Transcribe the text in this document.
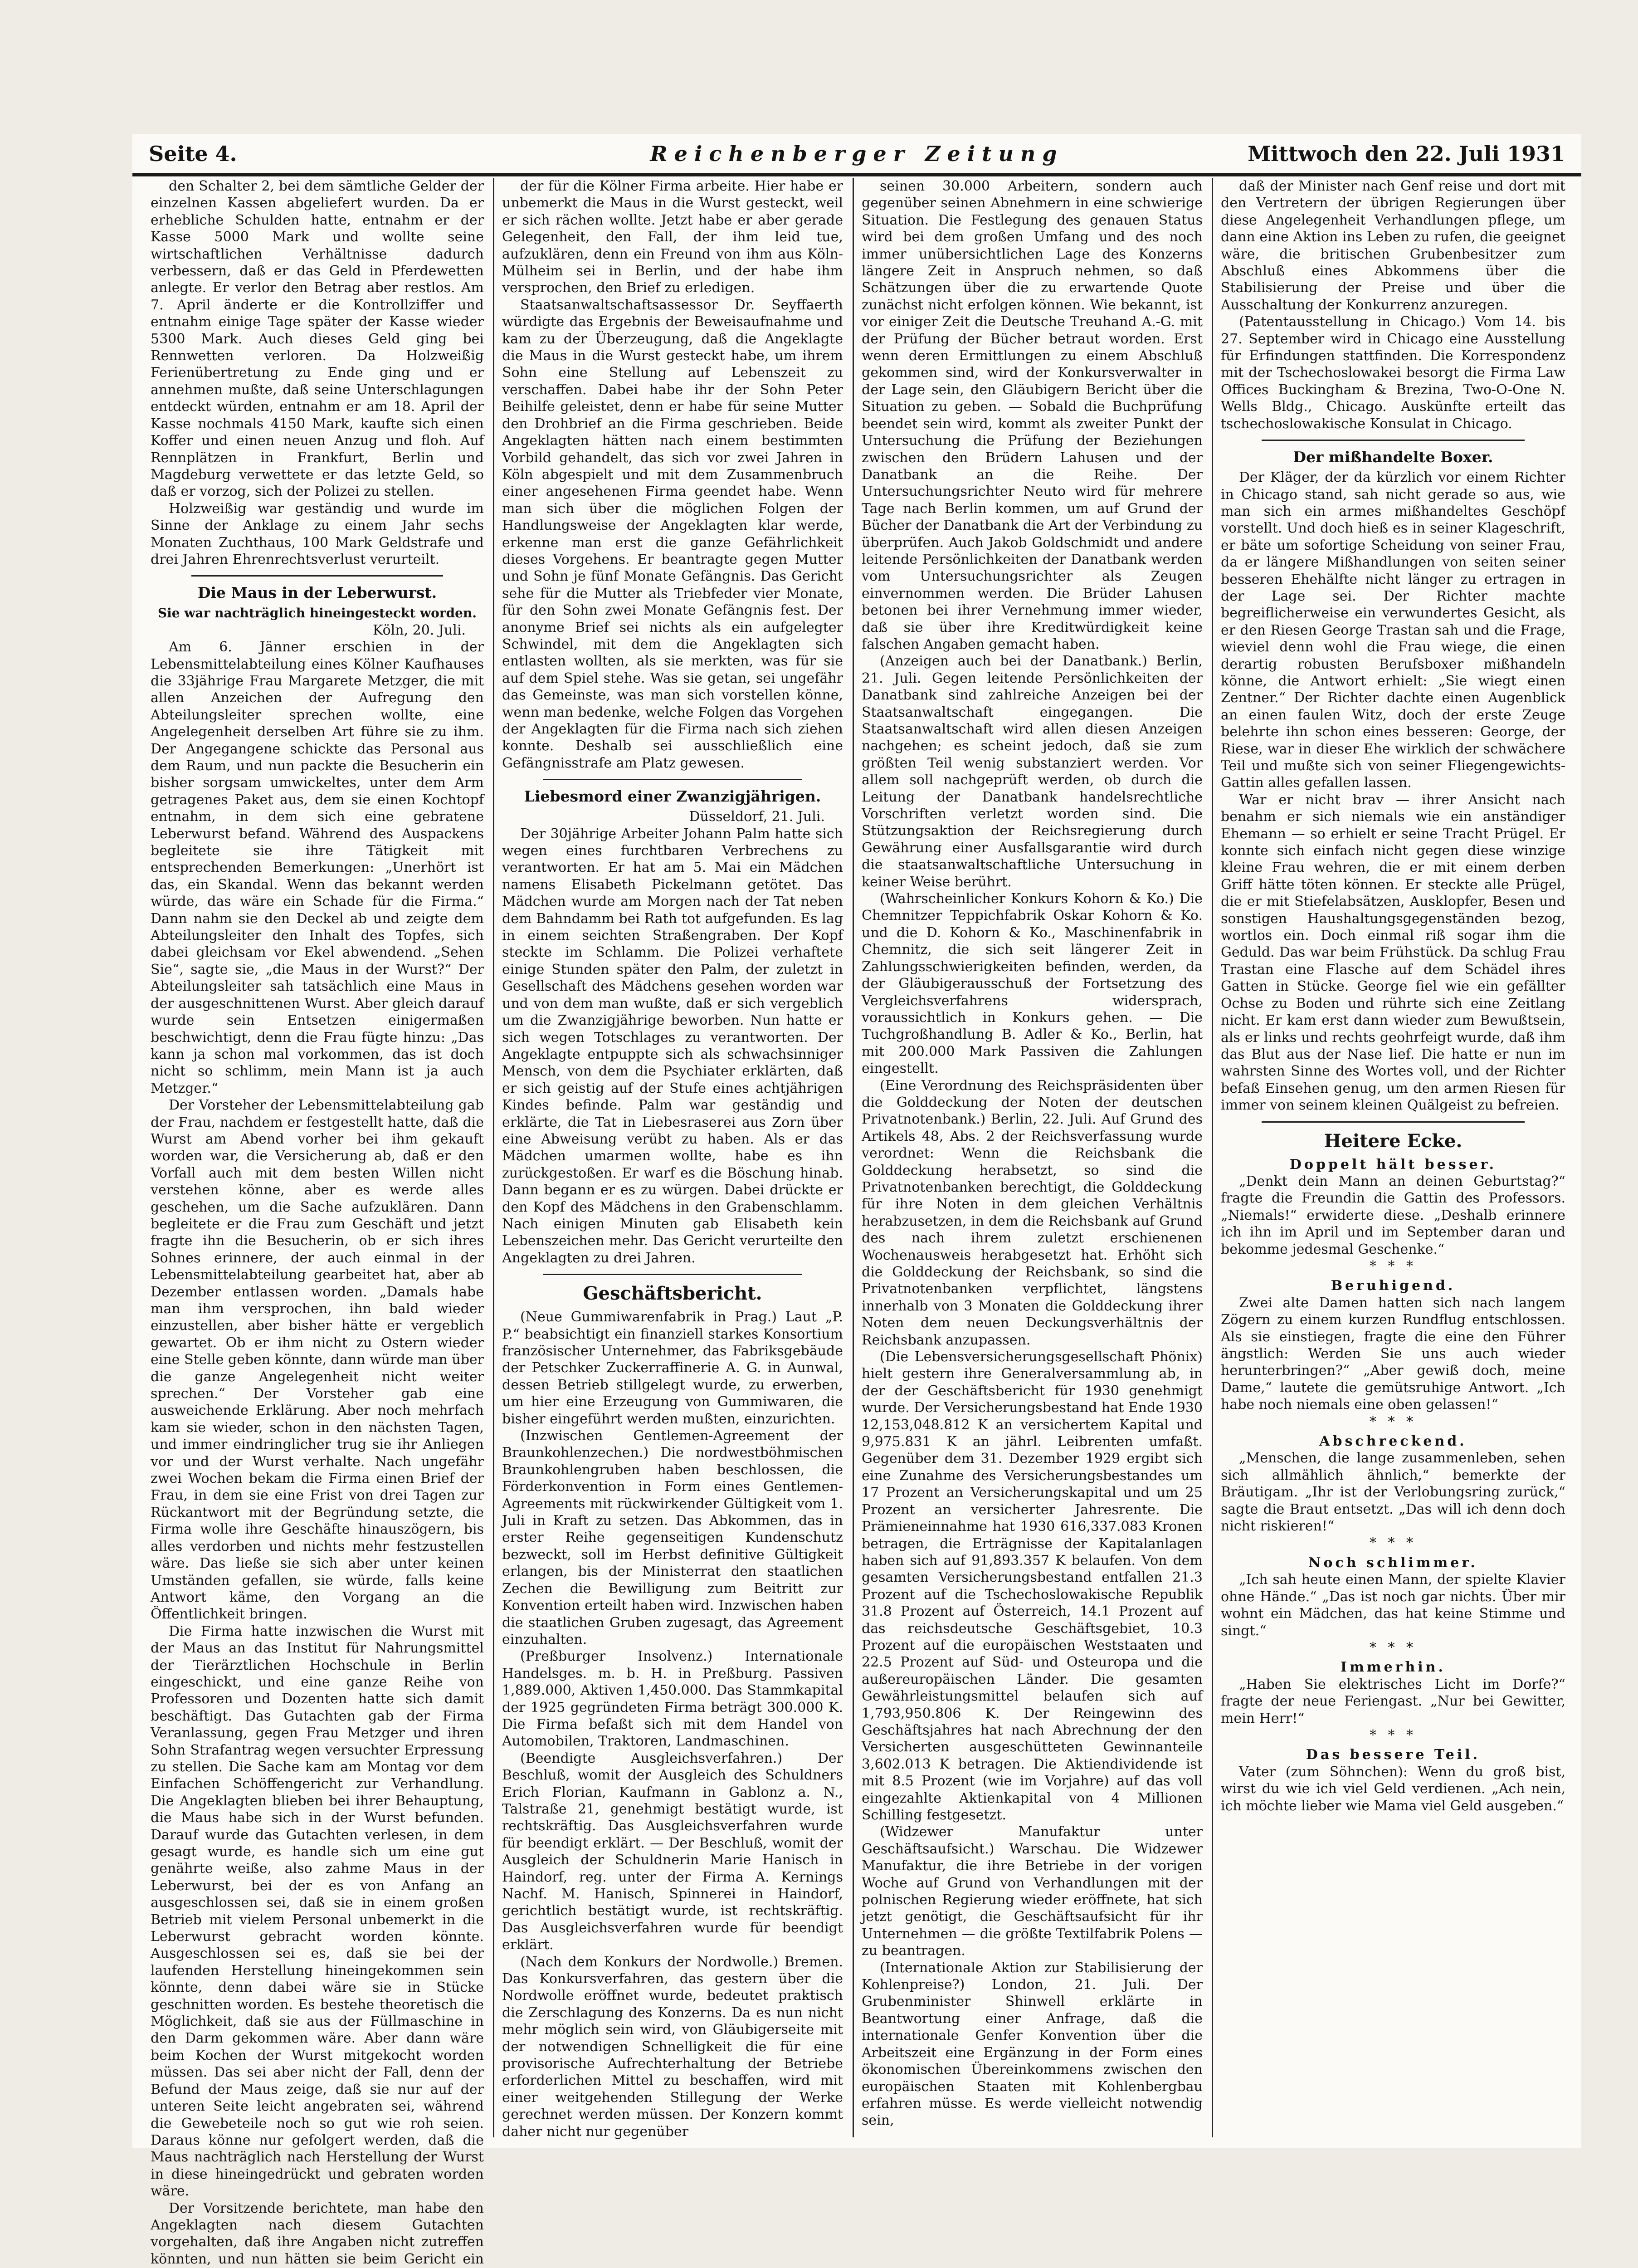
Seite 4.	Reichenberger Zeitung	Mittwoch den 22. Juli 1931

den Schalter 2, bei dem sämtliche Gelder der einzelnen Kassen abgeliefert wurden. Da er erhebliche Schulden hatte, entnahm er der Kasse 5000 Mark und wollte seine wirtschaftlichen Verhältnisse dadurch verbessern, daß er das Geld in Pferdewetten anlegte. Er verlor den Betrag aber restlos. Am 7. April änderte er die Kontrollziffer und entnahm einige Tage später der Kasse wieder 5300 Mark. Auch dieses Geld ging bei Rennwetten verloren. Da Holzweißig Ferienübertretung zu Ende ging und er annehmen mußte, daß seine Unterschlagungen entdeckt würden, entnahm er am 18. April der Kasse nochmals 4150 Mark, kaufte sich einen Koffer und einen neuen Anzug und floh. Auf Rennplätzen in Frankfurt, Berlin und Magdeburg verwettete er das letzte Geld, so daß er vorzog, sich der Polizei zu stellen.

Holzweißig war geständig und wurde im Sinne der Anklage zu einem Jahr sechs Monaten Zuchthaus, 100 Mark Geldstrafe und drei Jahren Ehrenrechtsverlust verurteilt.

Die Maus in der Leberwurst.

Sie war nachträglich hineingesteckt worden.

Köln, 20. Juli.

Am 6. Jänner erschien in der Lebensmittelabteilung eines Kölner Kaufhauses die 33jährige Frau Margarete Metzger, die mit allen Anzeichen der Aufregung den Abteilungsleiter sprechen wollte, eine Angelegenheit derselben Art führe sie zu ihm. Der Angegangene schickte das Personal aus dem Raum, und nun packte die Besucherin ein bisher sorgsam umwickeltes, unter dem Arm getragenes Paket aus, dem sie einen Kochtopf entnahm, in dem sich eine gebratene Leberwurst befand. Während des Auspackens begleitete sie ihre Tätigkeit mit entsprechenden Bemerkungen: „Unerhört ist das, ein Skandal. Wenn das bekannt werden würde, das wäre ein Schade für die Firma.“ Dann nahm sie den Deckel ab und zeigte dem Abteilungsleiter den Inhalt des Topfes, sich dabei gleichsam vor Ekel abwendend. „Sehen Sie“, sagte sie, „die Maus in der Wurst?“ Der Abteilungsleiter sah tatsächlich eine Maus in der ausgeschnittenen Wurst. Aber gleich darauf wurde sein Entsetzen einigermaßen beschwichtigt, denn die Frau fügte hinzu: „Das kann ja schon mal vorkommen, das ist doch nicht so schlimm, mein Mann ist ja auch Metzger.“

Der Vorsteher der Lebensmittelabteilung gab der Frau, nachdem er festgestellt hatte, daß die Wurst am Abend vorher bei ihm gekauft worden war, die Versicherung ab, daß er den Vorfall auch mit dem besten Willen nicht verstehen könne, aber es werde alles geschehen, um die Sache aufzuklären. Dann begleitete er die Frau zum Geschäft und jetzt fragte ihn die Besucherin, ob er sich ihres Sohnes erinnere, der auch einmal in der Lebensmittelabteilung gearbeitet hat, aber ab Dezember entlassen worden. „Damals habe man ihm versprochen, ihn bald wieder einzustellen, aber bisher hätte er vergeblich gewartet. Ob er ihm nicht zu Ostern wieder eine Stelle geben könnte, dann würde man über die ganze Angelegenheit nicht weiter sprechen.“ Der Vorsteher gab eine ausweichende Erklärung. Aber noch mehrfach kam sie wieder, schon in den nächsten Tagen, und immer eindringlicher trug sie ihr Anliegen vor und der Wurst verhalte. Nach ungefähr zwei Wochen bekam die Firma einen Brief der Frau, in dem sie eine Frist von drei Tagen zur Rückantwort mit der Begründung setzte, die Firma wolle ihre Geschäfte hinauszögern, bis alles verdorben und nichts mehr festzustellen wäre. Das ließe sie sich aber unter keinen Umständen gefallen, sie würde, falls keine Antwort käme, den Vorgang an die Öffentlichkeit bringen.

Die Firma hatte inzwischen die Wurst mit der Maus an das Institut für Nahrungsmittel der Tierärztlichen Hochschule in Berlin eingeschickt, und eine ganze Reihe von Professoren und Dozenten hatte sich damit beschäftigt. Das Gutachten gab der Firma Veranlassung, gegen Frau Metzger und ihren Sohn Strafantrag wegen versuchter Erpressung zu stellen. Die Sache kam am Montag vor dem Einfachen Schöffengericht zur Verhandlung. Die Angeklagten blieben bei ihrer Behauptung, die Maus habe sich in der Wurst befunden. Darauf wurde das Gutachten verlesen, in dem gesagt wurde, es handle sich um eine gut genährte weiße, also zahme Maus in der Leberwurst, bei der es von Anfang an ausgeschlossen sei, daß sie in einem großen Betrieb mit vielem Personal unbemerkt in die Leberwurst gebracht worden könnte. Ausgeschlossen sei es, daß sie bei der laufenden Herstellung hineingekommen sein könnte, denn dabei wäre sie in Stücke geschnitten worden. Es bestehe theoretisch die Möglichkeit, daß sie aus der Füllmaschine in den Darm gekommen wäre. Aber dann wäre beim Kochen der Wurst mitgekocht worden müssen. Das sei aber nicht der Fall, denn der Befund der Maus zeige, daß sie nur auf der unteren Seite leicht angebraten sei, während die Gewebeteile noch so gut wie roh seien. Daraus könne nur gefolgert werden, daß die Maus nachträglich nach Herstellung der Wurst in diese hineingedrückt und gebraten worden wäre.

Der Vorsitzende berichtete, man habe den Angeklagten nach diesem Gutachten vorgehalten, daß ihre Angaben nicht zutreffen könnten, und nun hätten sie beim Gericht ein

der für die Kölner Firma arbeite. Hier habe er unbemerkt die Maus in die Wurst gesteckt, weil er sich rächen wollte. Jetzt habe er aber gerade Gelegenheit, den Fall, der ihm leid tue, aufzuklären, denn ein Freund von ihm aus Köln-Mülheim sei in Berlin, und der habe ihm versprochen, den Brief zu erledigen.

Staatsanwaltschaftsassessor Dr. Seyffaerth würdigte das Ergebnis der Beweisaufnahme und kam zu der Überzeugung, daß die Angeklagte die Maus in die Wurst gesteckt habe, um ihrem Sohn eine Stellung auf Lebenszeit zu verschaffen. Dabei habe ihr der Sohn Peter Beihilfe geleistet, denn er habe für seine Mutter den Drohbrief an die Firma geschrieben. Beide Angeklagten hätten nach einem bestimmten Vorbild gehandelt, das sich vor zwei Jahren in Köln abgespielt und mit dem Zusammenbruch einer angesehenen Firma geendet habe. Wenn man sich über die möglichen Folgen der Handlungsweise der Angeklagten klar werde, erkenne man erst die ganze Gefährlichkeit dieses Vorgehens. Er beantragte gegen Mutter und Sohn je fünf Monate Gefängnis. Das Gericht sehe für die Mutter als Triebfeder vier Monate, für den Sohn zwei Monate Gefängnis fest. Der anonyme Brief sei nichts als ein aufgelegter Schwindel, mit dem die Angeklagten sich entlasten wollten, als sie merkten, was für sie auf dem Spiel stehe. Was sie getan, sei ungefähr das Gemeinste, was man sich vorstellen könne, wenn man bedenke, welche Folgen das Vorgehen der Angeklagten für die Firma nach sich ziehen konnte. Deshalb sei ausschließlich eine Gefängnisstrafe am Platz gewesen.

Liebesmord einer Zwanzigjährigen.

Düsseldorf, 21. Juli.

Der 30jährige Arbeiter Johann Palm hatte sich wegen eines furchtbaren Verbrechens zu verantworten. Er hat am 5. Mai ein Mädchen namens Elisabeth Pickelmann getötet. Das Mädchen wurde am Morgen nach der Tat neben dem Bahndamm bei Rath tot aufgefunden. Es lag in einem seichten Straßengraben. Der Kopf steckte im Schlamm. Die Polizei verhaftete einige Stunden später den Palm, der zuletzt in Gesellschaft des Mädchens gesehen worden war und von dem man wußte, daß er sich vergeblich um die Zwanzigjährige beworben. Nun hatte er sich wegen Totschlages zu verantworten. Der Angeklagte entpuppte sich als schwachsinniger Mensch, von dem die Psychiater erklärten, daß er sich geistig auf der Stufe eines achtjährigen Kindes befinde. Palm war geständig und erklärte, die Tat in Liebesraserei aus Zorn über eine Abweisung verübt zu haben. Als er das Mädchen umarmen wollte, habe es ihn zurückgestoßen. Er warf es die Böschung hinab. Dann begann er es zu würgen. Dabei drückte er den Kopf des Mädchens in den Grabenschlamm. Nach einigen Minuten gab Elisabeth kein Lebenszeichen mehr. Das Gericht verurteilte den Angeklagten zu drei Jahren.

Geschäftsbericht.

(Neue Gummiwarenfabrik in Prag.) Laut „P. P.“ beabsichtigt ein finanziell starkes Konsortium französischer Unternehmer, das Fabriksgebäude der Petschker Zuckerraffinerie A. G. in Aunwal, dessen Betrieb stillgelegt wurde, zu erwerben, um hier eine Erzeugung von Gummiwaren, die bisher eingeführt werden mußten, einzurichten.

(Inzwischen Gentlemen-Agreement der Braunkohlenzechen.) Die nordwestböhmischen Braunkohlengruben haben beschlossen, die Förderkonvention in Form eines Gentlemen-Agreements mit rückwirkender Gültigkeit vom 1. Juli in Kraft zu setzen. Das Abkommen, das in erster Reihe gegenseitigen Kundenschutz bezweckt, soll im Herbst definitive Gültigkeit erlangen, bis der Ministerrat den staatlichen Zechen die Bewilligung zum Beitritt zur Konvention erteilt haben wird. Inzwischen haben die staatlichen Gruben zugesagt, das Agreement einzuhalten.

(Preßburger Insolvenz.) Internationale Handelsges. m. b. H. in Preßburg. Passiven 1,889.000, Aktiven 1,450.000. Das Stammkapital der 1925 gegründeten Firma beträgt 300.000 K. Die Firma befaßt sich mit dem Handel von Automobilen, Traktoren, Landmaschinen.

(Beendigte Ausgleichsverfahren.) Der Beschluß, womit der Ausgleich des Schuldners Erich Florian, Kaufmann in Gablonz a. N., Talstraße 21, genehmigt bestätigt wurde, ist rechtskräftig. Das Ausgleichsverfahren wurde für beendigt erklärt. — Der Beschluß, womit der Ausgleich der Schuldnerin Marie Hanisch in Haindorf, reg. unter der Firma A. Kernings Nachf. M. Hanisch, Spinnerei in Haindorf, gerichtlich bestätigt wurde, ist rechtskräftig. Das Ausgleichsverfahren wurde für beendigt erklärt.

(Nach dem Konkurs der Nordwolle.) Bremen. Das Konkursverfahren, das gestern über die Nordwolle eröffnet wurde, bedeutet praktisch die Zerschlagung des Konzerns. Da es nun nicht mehr möglich sein wird, von Gläubigerseite mit der notwendigen Schnelligkeit die für eine provisorische Aufrechterhaltung der Betriebe erforderlichen Mittel zu beschaffen, wird mit einer weitgehenden Stillegung der Werke gerechnet werden müssen. Der Konzern kommt daher nicht nur gegenüber

seinen 30.000 Arbeitern, sondern auch gegenüber seinen Abnehmern in eine schwierige Situation. Die Festlegung des genauen Status wird bei dem großen Umfang und des noch immer unübersichtlichen Lage des Konzerns längere Zeit in Anspruch nehmen, so daß Schätzungen über die zu erwartende Quote zunächst nicht erfolgen können. Wie bekannt, ist vor einiger Zeit die Deutsche Treuhand A.-G. mit der Prüfung der Bücher betraut worden. Erst wenn deren Ermittlungen zu einem Abschluß gekommen sind, wird der Konkursverwalter in der Lage sein, den Gläubigern Bericht über die Situation zu geben. — Sobald die Buchprüfung beendet sein wird, kommt als zweiter Punkt der Untersuchung die Prüfung der Beziehungen zwischen den Brüdern Lahusen und der Danatbank an die Reihe. Der Untersuchungsrichter Neuto wird für mehrere Tage nach Berlin kommen, um auf Grund der Bücher der Danatbank die Art der Verbindung zu überprüfen. Auch Jakob Goldschmidt und andere leitende Persönlichkeiten der Danatbank werden vom Untersuchungsrichter als Zeugen einvernommen werden. Die Brüder Lahusen betonen bei ihrer Vernehmung immer wieder, daß sie über ihre Kreditwürdigkeit keine falschen Angaben gemacht haben.

(Anzeigen auch bei der Danatbank.) Berlin, 21. Juli. Gegen leitende Persönlichkeiten der Danatbank sind zahlreiche Anzeigen bei der Staatsanwaltschaft eingegangen. Die Staatsanwaltschaft wird allen diesen Anzeigen nachgehen; es scheint jedoch, daß sie zum größten Teil wenig substanziert werden. Vor allem soll nachgeprüft werden, ob durch die Leitung der Danatbank handelsrechtliche Vorschriften verletzt worden sind. Die Stützungsaktion der Reichsregierung durch Gewährung einer Ausfallsgarantie wird durch die staatsanwaltschaftliche Untersuchung in keiner Weise berührt.

(Wahrscheinlicher Konkurs Kohorn & Ko.) Die Chemnitzer Teppichfabrik Oskar Kohorn & Ko. und die D. Kohorn & Ko., Maschinenfabrik in Chemnitz, die sich seit längerer Zeit in Zahlungsschwierigkeiten befinden, werden, da der Gläubigerausschuß der Fortsetzung des Vergleichsverfahrens widersprach, voraussichtlich in Konkurs gehen. — Die Tuchgroßhandlung B. Adler & Ko., Berlin, hat mit 200.000 Mark Passiven die Zahlungen eingestellt.

(Eine Verordnung des Reichspräsidenten über die Golddeckung der Noten der deutschen Privatnotenbank.) Berlin, 22. Juli. Auf Grund des Artikels 48, Abs. 2 der Reichsverfassung wurde verordnet: Wenn die Reichsbank die Golddeckung herabsetzt, so sind die Privatnotenbanken berechtigt, die Golddeckung für ihre Noten in dem gleichen Verhältnis herabzusetzen, in dem die Reichsbank auf Grund des nach ihrem zuletzt erschienenen Wochenausweis herabgesetzt hat. Erhöht sich die Golddeckung der Reichsbank, so sind die Privatnotenbanken verpflichtet, längstens innerhalb von 3 Monaten die Golddeckung ihrer Noten dem neuen Deckungsverhältnis der Reichsbank anzupassen.

(Die Lebensversicherungsgesellschaft Phönix) hielt gestern ihre Generalversammlung ab, in der der Geschäftsbericht für 1930 genehmigt wurde. Der Versicherungsbestand hat Ende 1930 12,153,048.812 K an versichertem Kapital und 9,975.831 K an jährl. Leibrenten umfaßt. Gegenüber dem 31. Dezember 1929 ergibt sich eine Zunahme des Versicherungsbestandes um 17 Prozent an Versicherungskapital und um 25 Prozent an versicherter Jahresrente. Die Prämieneinnahme hat 1930 616,337.083 Kronen betragen, die Erträgnisse der Kapitalanlagen haben sich auf 91,893.357 K belaufen. Von dem gesamten Versicherungsbestand entfallen 21.3 Prozent auf die Tschechoslowakische Republik 31.8 Prozent auf Österreich, 14.1 Prozent auf das reichsdeutsche Geschäftsgebiet, 10.3 Prozent auf die europäischen Weststaaten und 22.5 Prozent auf Süd- und Osteuropa und die außereuropäischen Länder. Die gesamten Gewährleistungsmittel belaufen sich auf 1,793,950.806 K. Der Reingewinn des Geschäftsjahres hat nach Abrechnung der den Versicherten ausgeschütteten Gewinnanteile 3,602.013 K betragen. Die Aktiendividende ist mit 8.5 Prozent (wie im Vorjahre) auf das voll eingezahlte Aktienkapital von 4 Millionen Schilling festgesetzt.

(Widzewer Manufaktur unter Geschäftsaufsicht.) Warschau. Die Widzewer Manufaktur, die ihre Betriebe in der vorigen Woche auf Grund von Verhandlungen mit der polnischen Regierung wieder eröffnete, hat sich jetzt genötigt, die Geschäftsaufsicht für ihr Unternehmen — die größte Textilfabrik Polens — zu beantragen.

(Internationale Aktion zur Stabilisierung der Kohlenpreise?) London, 21. Juli. Der Grubenminister Shinwell erklärte in Beantwortung einer Anfrage, daß die internationale Genfer Konvention über die Arbeitszeit eine Ergänzung in der Form eines ökonomischen Übereinkommens zwischen den europäischen Staaten mit Kohlenbergbau erfahren müsse. Es werde vielleicht notwendig sein,

daß der Minister nach Genf reise und dort mit den Vertretern der übrigen Regierungen über diese Angelegenheit Verhandlungen pflege, um dann eine Aktion ins Leben zu rufen, die geeignet wäre, die britischen Grubenbesitzer zum Abschluß eines Abkommens über die Stabilisierung der Preise und über die Ausschaltung der Konkurrenz anzuregen.

(Patentausstellung in Chicago.) Vom 14. bis 27. September wird in Chicago eine Ausstellung für Erfindungen stattfinden. Die Korrespondenz mit der Tschechoslowakei besorgt die Firma Law Offices Buckingham & Brezina, Two-O-One N. Wells Bldg., Chicago. Auskünfte erteilt das tschechoslowakische Konsulat in Chicago.

Der mißhandelte Boxer.

Der Kläger, der da kürzlich vor einem Richter in Chicago stand, sah nicht gerade so aus, wie man sich ein armes mißhandeltes Geschöpf vorstellt. Und doch hieß es in seiner Klageschrift, er bäte um sofortige Scheidung von seiner Frau, da er längere Mißhandlungen von seiten seiner besseren Ehehälfte nicht länger zu ertragen in der Lage sei. Der Richter machte begreiflicherweise ein verwundertes Gesicht, als er den Riesen George Trastan sah und die Frage, wieviel denn wohl die Frau wiege, die einen derartig robusten Berufsboxer mißhandeln könne, die Antwort erhielt: „Sie wiegt einen Zentner.“ Der Richter dachte einen Augenblick an einen faulen Witz, doch der erste Zeuge belehrte ihn schon eines besseren: George, der Riese, war in dieser Ehe wirklich der schwächere Teil und mußte sich von seiner Fliegengewichts-Gattin alles gefallen lassen.

War er nicht brav — ihrer Ansicht nach benahm er sich niemals wie ein anständiger Ehemann — so erhielt er seine Tracht Prügel. Er konnte sich einfach nicht gegen diese winzige kleine Frau wehren, die er mit einem derben Griff hätte töten können. Er steckte alle Prügel, die er mit Stiefelabsätzen, Ausklopfer, Besen und sonstigen Haushaltungsgegenständen bezog, wortlos ein. Doch einmal riß sogar ihm die Geduld. Das war beim Frühstück. Da schlug Frau Trastan eine Flasche auf dem Schädel ihres Gatten in Stücke. George fiel wie ein gefällter Ochse zu Boden und rührte sich eine Zeitlang nicht. Er kam erst dann wieder zum Bewußtsein, als er links und rechts geohrfeigt wurde, daß ihm das Blut aus der Nase lief. Die hatte er nun im wahrsten Sinne des Wortes voll, und der Richter befaß Einsehen genug, um den armen Riesen für immer von seinem kleinen Quälgeist zu befreien.

Heitere Ecke.

Doppelt hält besser.

„Denkt dein Mann an deinen Geburtstag?“ fragte die Freundin die Gattin des Professors. „Niemals!“ erwiderte diese. „Deshalb erinnere ich ihn im April und im September daran und bekomme jedesmal Geschenke.“

* * *

Beruhigend.

Zwei alte Damen hatten sich nach langem Zögern zu einem kurzen Rundflug entschlossen. Als sie einstiegen, fragte die eine den Führer ängstlich: Werden Sie uns auch wieder herunterbringen?“ „Aber gewiß doch, meine Dame,“ lautete die gemütsruhige Antwort. „Ich habe noch niemals eine oben gelassen!“

* * *

Abschreckend.

„Menschen, die lange zusammenleben, sehen sich allmählich ähnlich,“ bemerkte der Bräutigam. „Ihr ist der Verlobungsring zurück,“ sagte die Braut entsetzt. „Das will ich denn doch nicht riskieren!“

* * *

Noch schlimmer.

„Ich sah heute einen Mann, der spielte Klavier ohne Hände.“ „Das ist noch gar nichts. Über mir wohnt ein Mädchen, das hat keine Stimme und singt.“

* * *

Immerhin.

„Haben Sie elektrisches Licht im Dorfe?“ fragte der neue Feriengast. „Nur bei Gewitter, mein Herr!“

* * *

Das bessere Teil.

Vater (zum Söhnchen): Wenn du groß bist, wirst du wie ich viel Geld verdienen. „Ach nein, ich möchte lieber wie Mama viel Geld ausgeben.“
